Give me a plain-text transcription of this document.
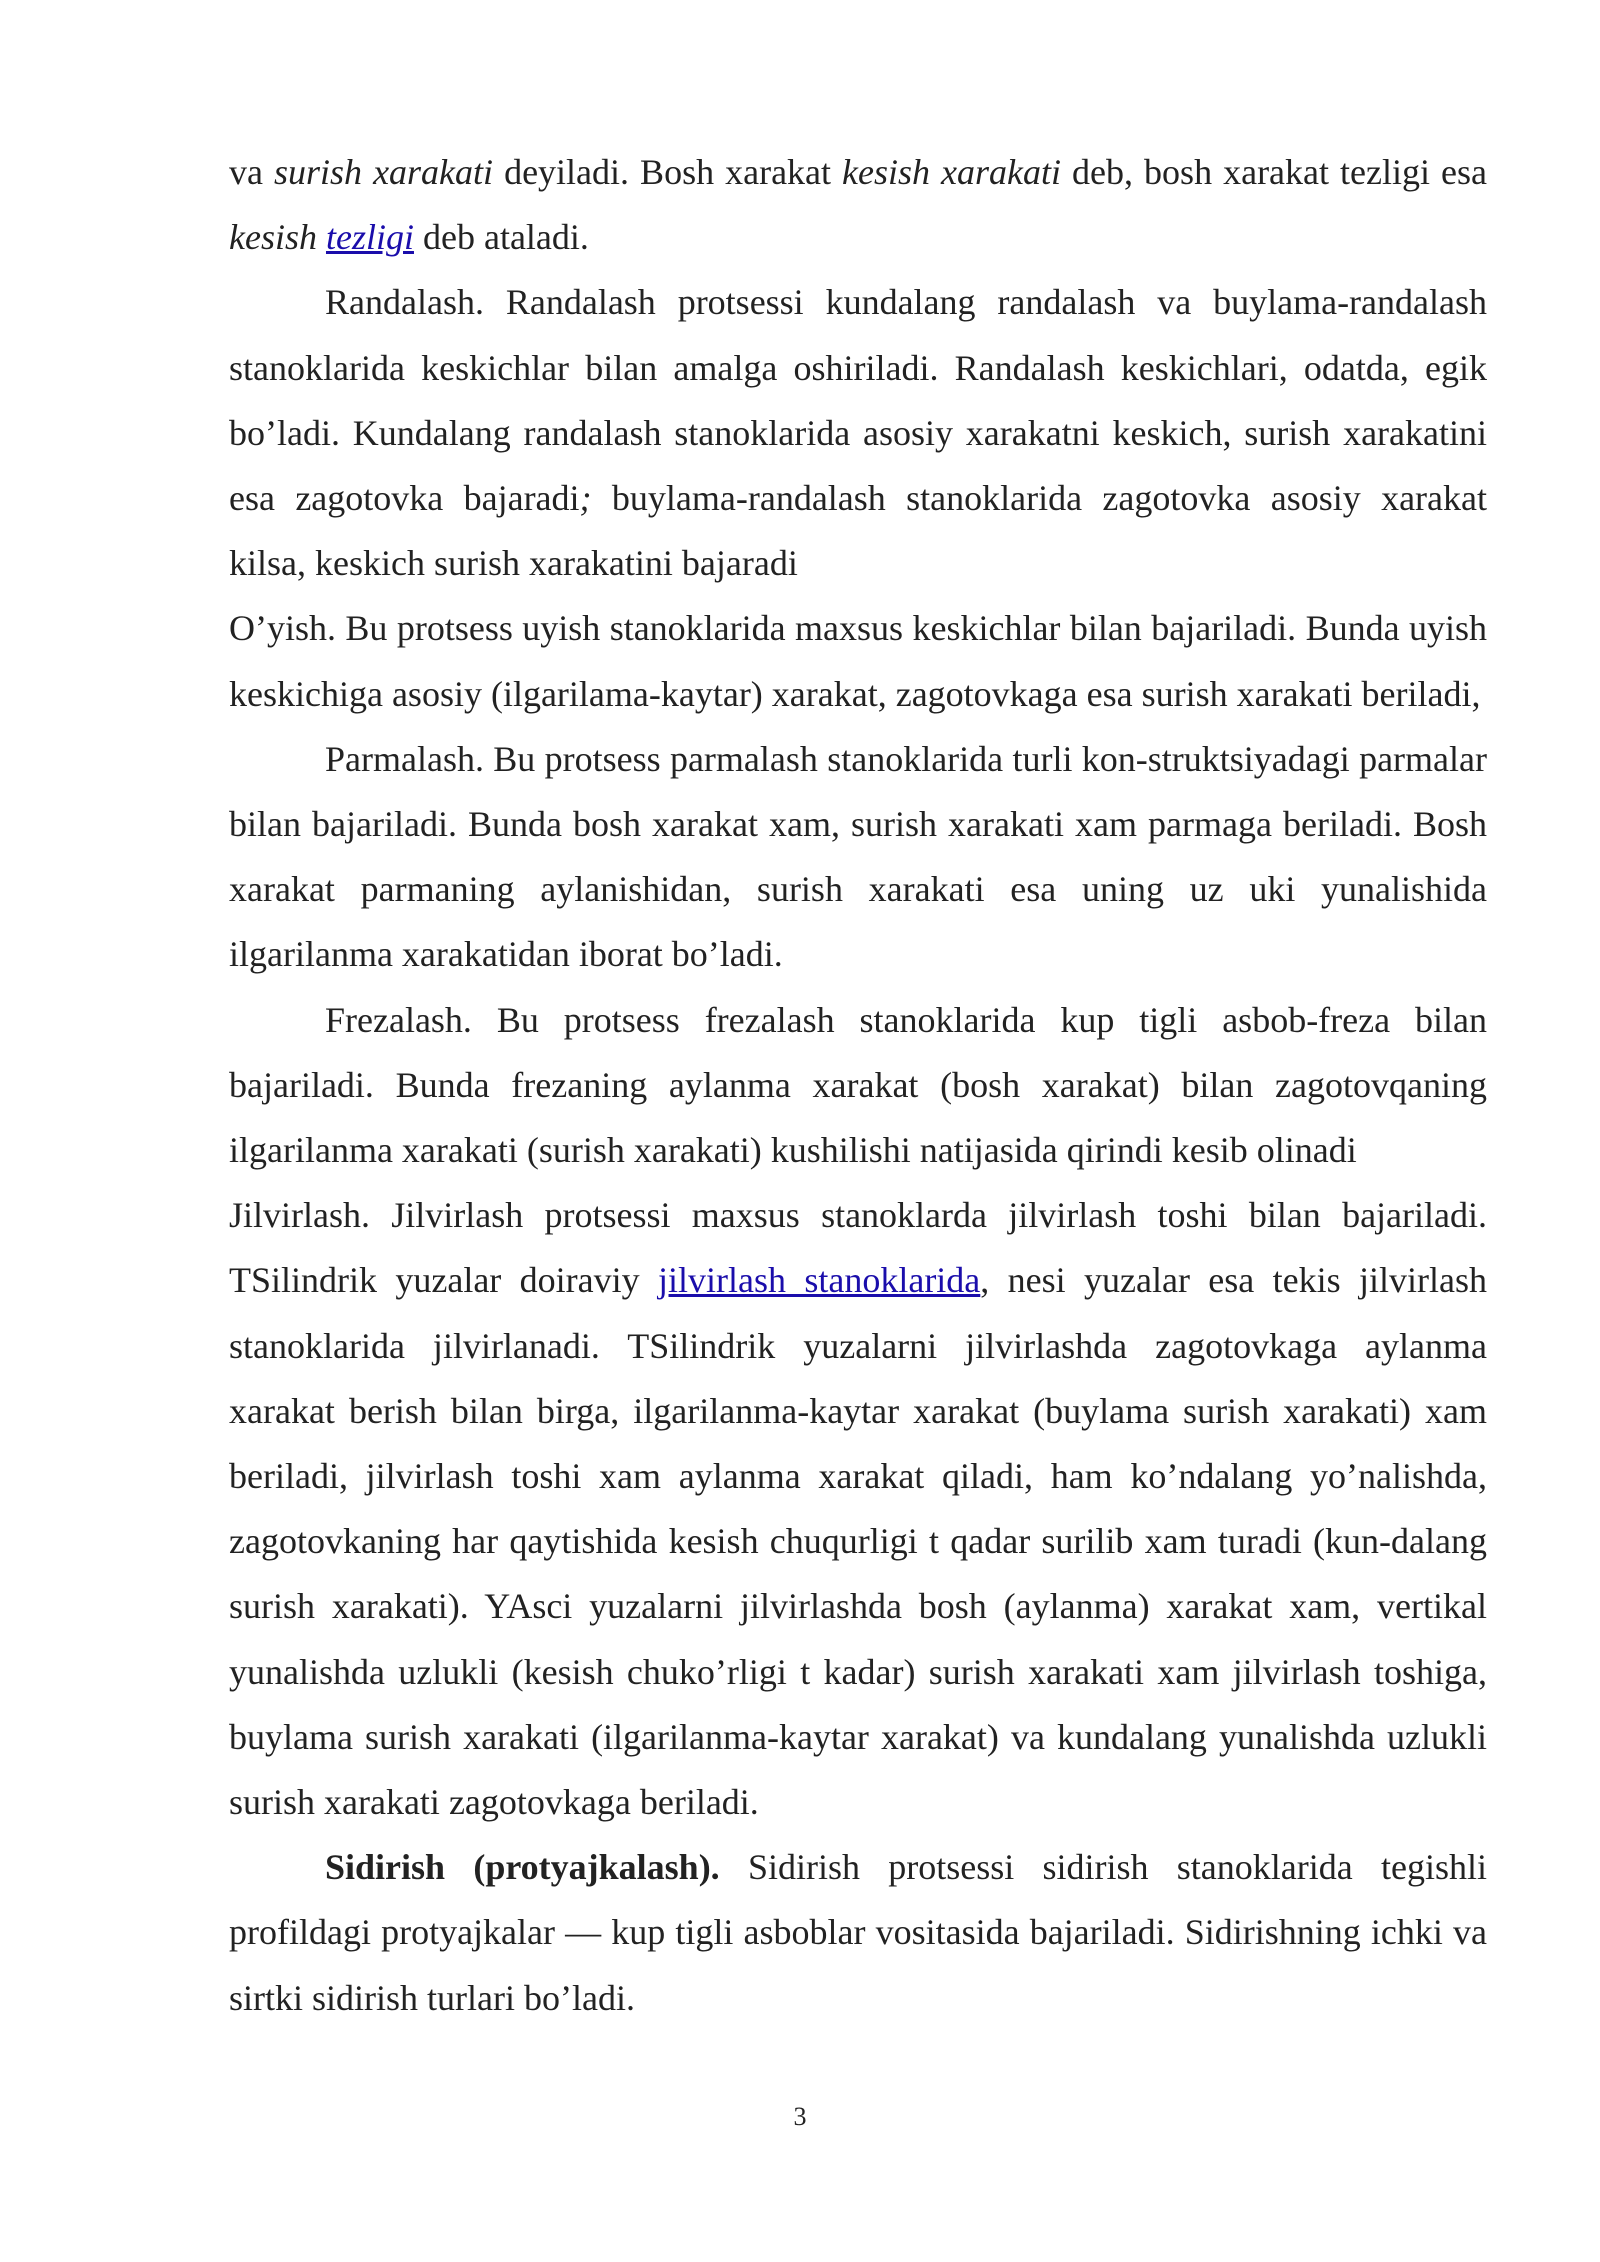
va surish xarakati deyiladi. Bosh xarakat kesish xarakati deb, bosh xarakat tezligi esa kesish tezligi deb ataladi.

Randalash. Randalash protsessi kundalang randalash va buylama-randalash stanoklarida keskichlar bilan amalga oshiriladi. Randalash keskichlari, odatda, egik bo’ladi. Kundalang randalash stanoklarida asosiy xarakatni keskich, surish xarakatini esa zagotovka bajaradi; buylama-randalash stanoklarida zagotovka asosiy xarakat kilsa, keskich surish xarakatini bajaradi

O’yish. Bu protsess uyish stanoklarida maxsus keskichlar bilan bajariladi. Bunda uyish keskichiga asosiy (ilgarilama-kaytar) xarakat, zagotovkaga esa surish xarakati beriladi,

Parmalash. Bu protsess parmalash stanoklarida turli kon-struktsiyadagi parmalar bilan bajariladi. Bunda bosh xarakat xam, surish xarakati xam parmaga beriladi. Bosh xarakat parmaning aylanishidan, surish xarakati esa uning uz uki yunalishida ilgarilanma xarakatidan iborat bo’ladi.

Frezalash. Bu protsess frezalash stanoklarida kup tigli asbob-freza bilan bajariladi. Bunda frezaning aylanma xarakat (bosh xarakat) bilan zagotovqaning ilgarilanma xarakati (surish xarakati) kushilishi natijasida qirindi kesib olinadi

Jilvirlash. Jilvirlash protsessi maxsus stanoklarda jilvirlash toshi bilan bajariladi. TSilindrik yuzalar doiraviy jilvirlash stanoklarida, nesi yuzalar esa tekis jilvirlash stanoklarida jilvirlanadi. TSilindrik yuzalarni jilvirlashda zagotovkaga aylanma xarakat berish bilan birga, ilgarilanma-kaytar xarakat (buylama surish xarakati) xam beriladi, jilvirlash toshi xam aylanma xarakat qiladi, ham ko’ndalang yo’nalishda, zagotovkaning har qaytishida kesish chuqurligi t qadar surilib xam turadi (kun-dalang surish xarakati). YAsci yuzalarni jilvirlashda bosh (aylanma) xarakat xam, vertikal yunalishda uzlukli (kesish chuko’rligi t kadar) surish xarakati xam jilvirlash toshiga, buylama surish xarakati (ilgarilanma-kaytar xarakat) va kundalang yunalishda uzlukli surish xarakati zagotovkaga beriladi.

Sidirish (protyajkalash). Sidirish protsessi sidirish stanoklarida tegishli profildagi protyajkalar — kup tigli asboblar vositasida bajariladi. Sidirishning ichki va sirtki sidirish turlari bo’ladi.

3
